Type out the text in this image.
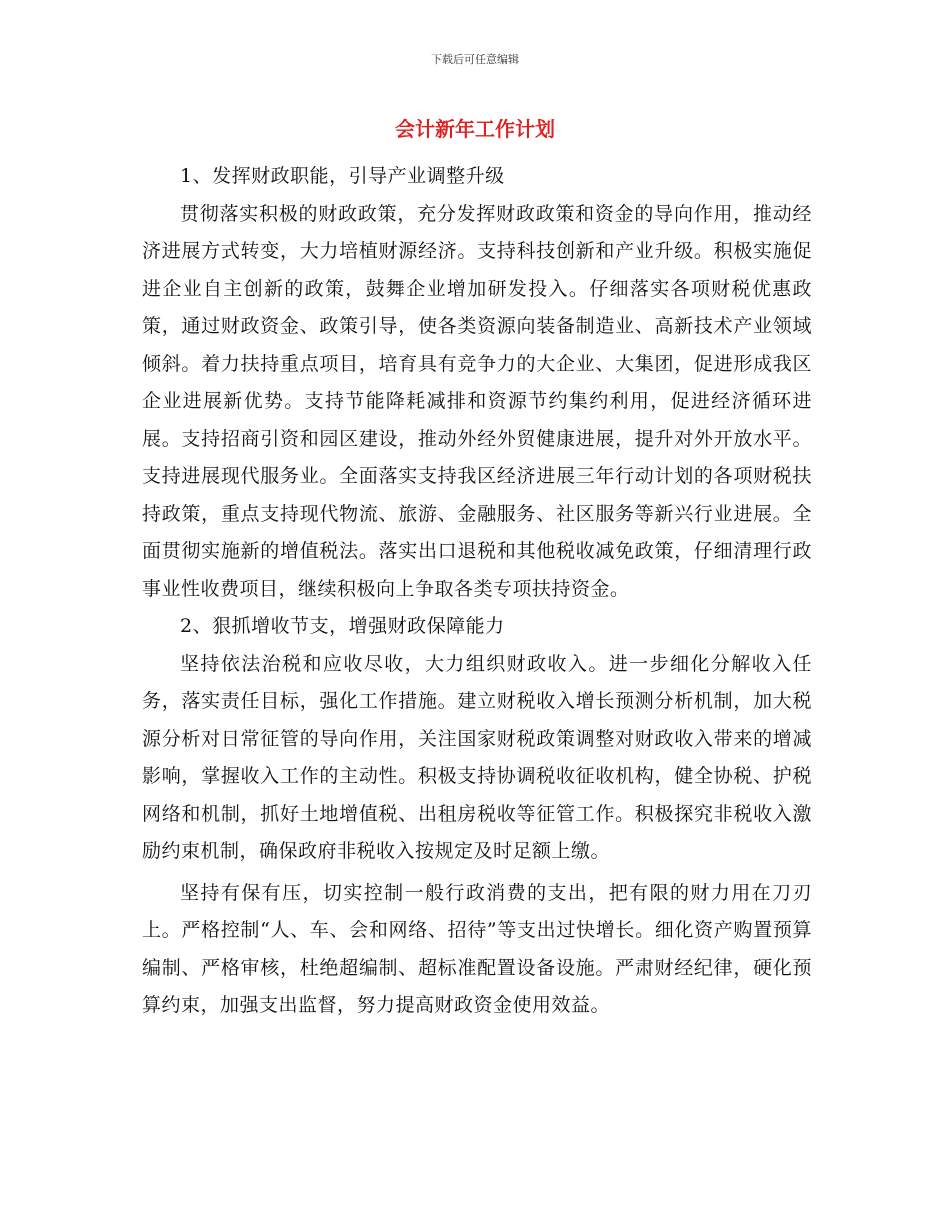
下载后可任意编辑
会计新年工作计划

1、发挥财政职能，引导产业调整升级

贯彻落实积极的财政政策，充分发挥财政政策和资金的导向作用，推动经济进展方式转变，大力培植财源经济。支持科技创新和产业升级。积极实施促进企业自主创新的政策，鼓舞企业增加研发投入。仔细落实各项财税优惠政策，通过财政资金、政策引导，使各类资源向装备制造业、高新技术产业领域倾斜。着力扶持重点项目，培育具有竞争力的大企业、大集团，促进形成我区企业进展新优势。支持节能降耗减排和资源节约集约利用，促进经济循环进展。支持招商引资和园区建设，推动外经外贸健康进展，提升对外开放水平。支持进展现代服务业。全面落实支持我区经济进展三年行动计划的各项财税扶持政策，重点支持现代物流、旅游、金融服务、社区服务等新兴行业进展。全面贯彻实施新的增值税法。落实出口退税和其他税收减免政策，仔细清理行政事业性收费项目，继续积极向上争取各类专项扶持资金。

2、狠抓增收节支，增强财政保障能力

坚持依法治税和应收尽收，大力组织财政收入。进一步细化分解收入任务，落实责任目标，强化工作措施。建立财税收入增长预测分析机制，加大税源分析对日常征管的导向作用，关注国家财税政策调整对财政收入带来的增减影响，掌握收入工作的主动性。积极支持协调税收征收机构，健全协税、护税网络和机制，抓好土地增值税、出租房税收等征管工作。积极探究非税收入激励约束机制，确保政府非税收入按规定及时足额上缴。

坚持有保有压，切实控制一般行政消费的支出，把有限的财力用在刀刃上。严格控制“人、车、会和网络、招待”等支出过快增长。细化资产购置预算编制、严格审核，杜绝超编制、超标准配置设备设施。严肃财经纪律，硬化预算约束，加强支出监督，努力提高财政资金使用效益。
